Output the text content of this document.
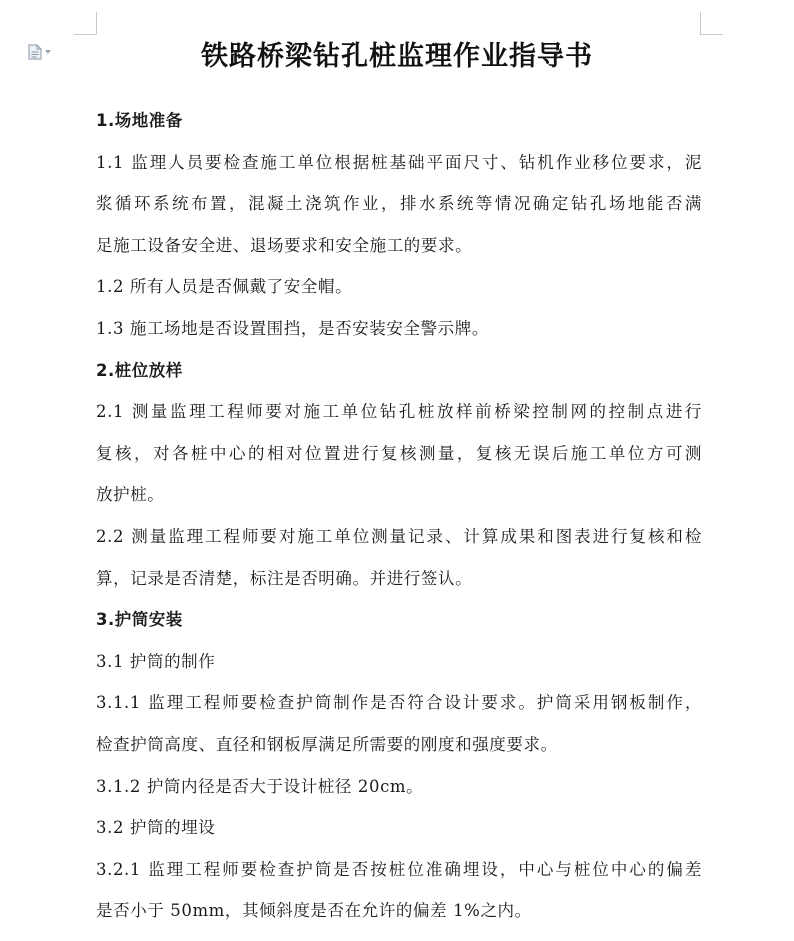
铁路桥梁钻孔桩监理作业指导书
1.场地准备
1.1 监理人员要检查施工单位根据桩基础平面尺寸、钻机作业移位要求，泥
浆循环系统布置，混凝土浇筑作业，排水系统等情况确定钻孔场地能否满
足施工设备安全进、退场要求和安全施工的要求。
1.2 所有人员是否佩戴了安全帽。
1.3 施工场地是否设置围挡，是否安装安全警示牌。
2.桩位放样
2.1 测量监理工程师要对施工单位钻孔桩放样前桥梁控制网的控制点进行
复核，对各桩中心的相对位置进行复核测量，复核无误后施工单位方可测
放护桩。
2.2 测量监理工程师要对施工单位测量记录、计算成果和图表进行复核和检
算，记录是否清楚，标注是否明确。并进行签认。
3.护筒安装
3.1 护筒的制作
3.1.1 监理工程师要检查护筒制作是否符合设计要求。护筒采用钢板制作，
检查护筒高度、直径和钢板厚满足所需要的刚度和强度要求。
3.1.2 护筒内径是否大于设计桩径 20cm。
3.2 护筒的埋设
3.2.1 监理工程师要检查护筒是否按桩位准确埋设，中心与桩位中心的偏差
是否小于 50mm，其倾斜度是否在允许的偏差 1%之内。
